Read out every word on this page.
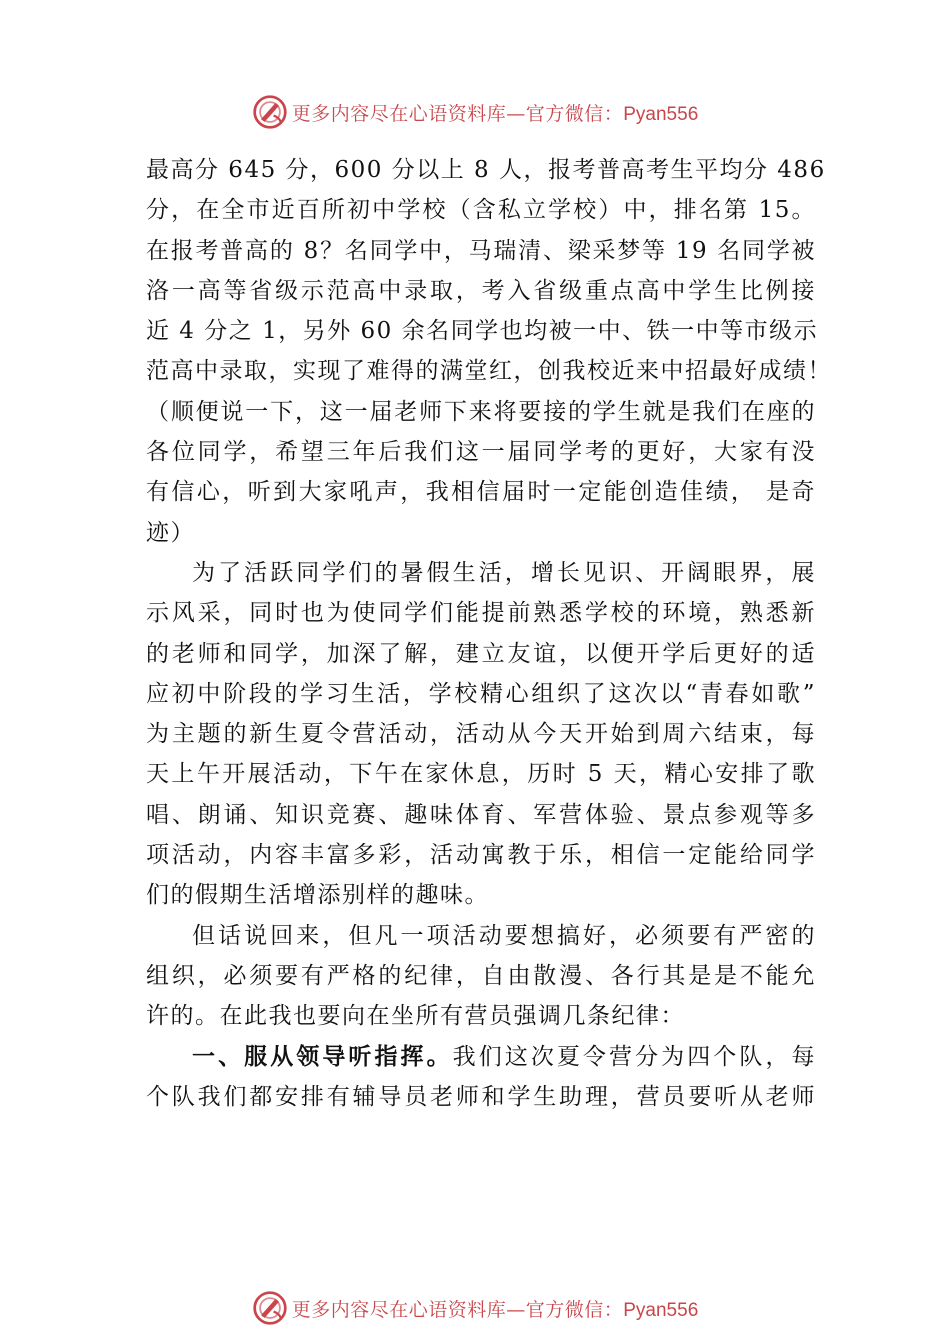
更多内容尽在心语资料库—官方微信：Pyan556
最高分 645 分，600 分以上 8 人，报考普高考生平均分 486
分，在全市近百所初中学校（含私立学校）中，排名第 15。
在报考普高的 8？名同学中，马瑞清、梁采梦等 19 名同学被
洛一高等省级示范高中录取，考入省级重点高中学生比例接
近 4 分之 1，另外 60 余名同学也均被一中、铁一中等市级示
范高中录取，实现了难得的满堂红，创我校近来中招最好成绩！
（顺便说一下，这一届老师下来将要接的学生就是我们在座的
各位同学，希望三年后我们这一届同学考的更好，大家有没
有信心，听到大家吼声，我相信届时一定能创造佳绩， 是奇
迹）
为了活跃同学们的暑假生活，增长见识、开阔眼界，展
示风采，同时也为使同学们能提前熟悉学校的环境，熟悉新
的老师和同学，加深了解，建立友谊，以便开学后更好的适
应初中阶段的学习生活，学校精心组织了这次以“青春如歌”
为主题的新生夏令营活动，活动从今天开始到周六结束，每
天上午开展活动，下午在家休息，历时 5 天，精心安排了歌
唱、朗诵、知识竞赛、趣味体育、军营体验、景点参观等多
项活动，内容丰富多彩，活动寓教于乐，相信一定能给同学
们的假期生活增添别样的趣味。
但话说回来，但凡一项活动要想搞好，必须要有严密的
组织，必须要有严格的纪律，自由散漫、各行其是是不能允
许的。在此我也要向在坐所有营员强调几条纪律：
一、服从领导听指挥。我们这次夏令营分为四个队，每
个队我们都安排有辅导员老师和学生助理，营员要听从老师
更多内容尽在心语资料库—官方微信：Pyan556
